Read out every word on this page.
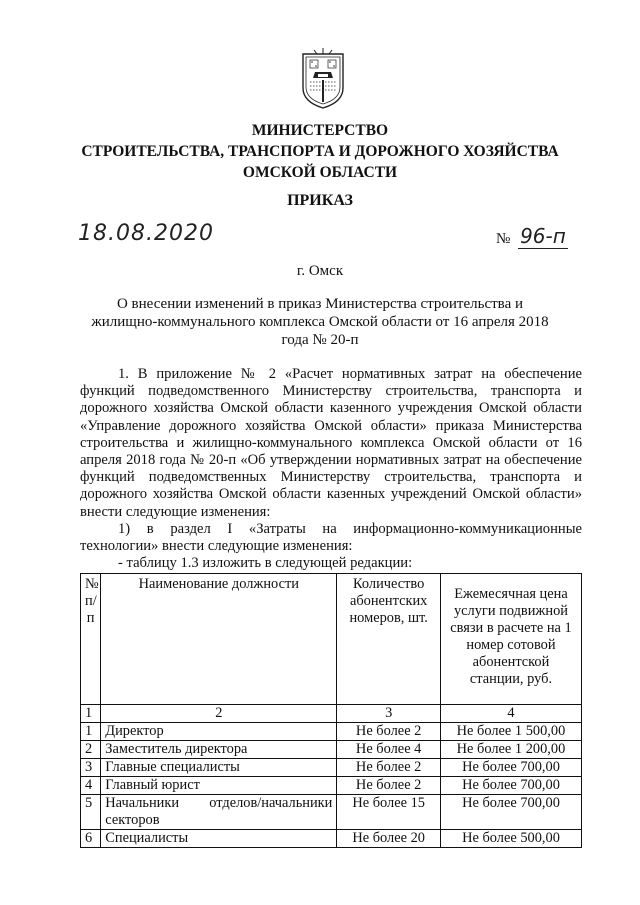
МИНИСТЕРСТВО
СТРОИТЕЛЬСТВА, ТРАНСПОРТА И ДОРОЖНОГО ХОЗЯЙСТВА
ОМСКОЙ ОБЛАСТИ
ПРИКАЗ
18.08.2020	№ 96-п
г. Омск
О внесении изменений в приказ Министерства строительства и жилищно-коммунального комплекса Омской области от 16 апреля 2018 года № 20-п

1. В приложение № 2 «Расчет нормативных затрат на обеспечение функций подведомственного Министерству строительства, транспорта и дорожного хозяйства Омской области казенного учреждения Омской области «Управление дорожного хозяйства Омской области» приказа Министерства строительства и жилищно-коммунального комплекса Омской области от 16 апреля 2018 года № 20-п «Об утверждении нормативных затрат на обеспечение функций подведомственных Министерству строительства, транспорта и дорожного хозяйства Омской области казенных учреждений Омской области» внести следующие изменения:

1) в раздел I «Затраты на информационно-коммуникационные технологии» внести следующие изменения:

- таблицу 1.3 изложить в следующей редакции:

№ п/п	Наименование должности	Количество абонентских номеров, шт.	Ежемесячная цена услуги подвижной связи в расчете на 1 номер сотовой абонентской станции, руб.
1	2	3	4
1	Директор	Не более 2	Не более 1 500,00
2	Заместитель директора	Не более 4	Не более 1 200,00
3	Главные специалисты	Не более 2	Не более 700,00
4	Главный юрист	Не более 2	Не более 700,00
5	Начальники отделов/начальники секторов	Не более 15	Не более 700,00
6	Специалисты	Не более 20	Не более 500,00
